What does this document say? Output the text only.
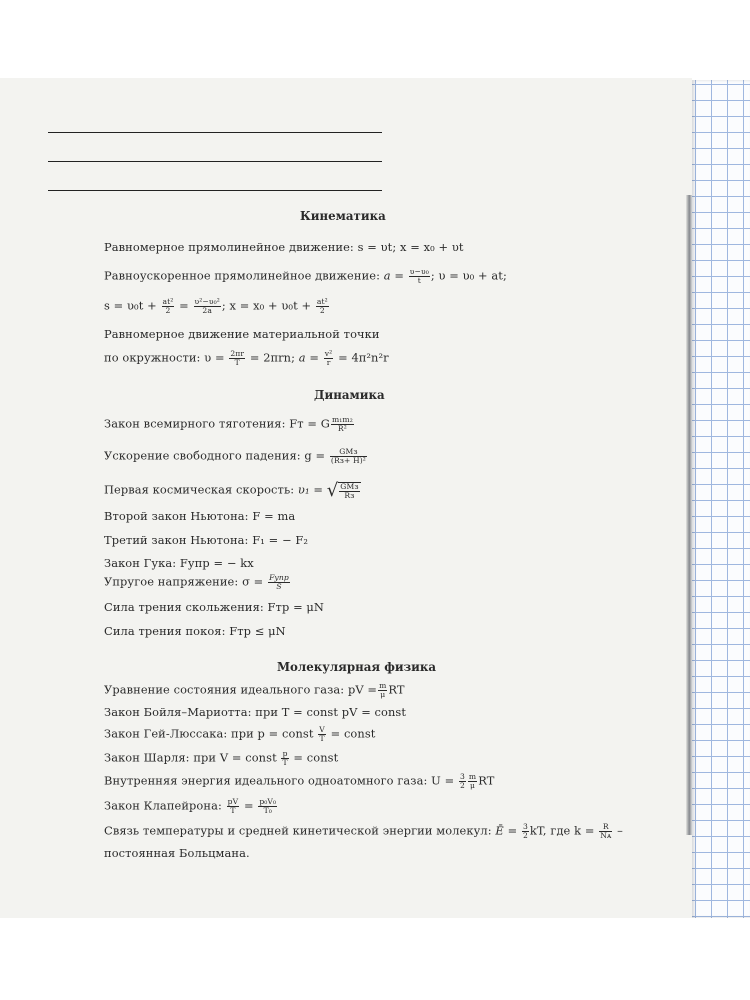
Кинематика
Равномерное прямолинейное движение: s = υt; x = x₀ + υt
Равноускоренное прямолинейное движение: $a = \frac{\text{υ−υ₀}}{t}$ ; υ = υ₀ + at;
$s = \upsilon_0t + \frac{\text{at²}}{2} = \frac{\text{υ²−υ₀²}}{2a}$ ; $x = x_0 + \upsilon_0t + \frac{\text{at²}}{2}$
Равномерное движение материальной точки
по окружности: $\upsilon = \frac{2\pi r}{T} = 2\pi rn$; $a = \frac{\text{v²}}{r} = 4\pi^2n^2r$
Динамика
Закон всемирного тяготения: Fт = G $\frac{\text{m₁m₂}}{\text{R²}}$
Ускорение свободного падения: $g = \frac{\text{GMз}}{\text{(Rз+ H)²}}$
Первая космическая скорость: υ₁ = √ $\frac{\text{GMз}}{Rз}$
Второй закон Ньютона: F = ma
Третий закон Ньютона: F₁ = − F₂
Закон Гука: Fупр = − kx
Упругое напряжение: $\sigma = \frac{\text{Fупр}}{S}$
Сила трения скольжения: Fтр = μN
Сила трения покоя: Fтр ≤ μN
Молекулярная физика
Уравнение состояния идеального газа: pV = $\frac{m}{\mu}$ RT
Закон Бойля–Мариотта: при T = const pV = const
Закон Гей-Люссака: при p = const $\frac{V}{T}$ = const
Закон Шарля: при V = const $\frac{p}{T}$ = const
Внутренняя энергия идеального одноатомного газа: $U = \frac{3}{2} \frac{m}{\mu}$ RT
Закон Клапейрона: $\frac{pV}{T} = \frac{\text{p₀V₀}}{\text{T₀}}$
Связь температуры и средней кинетической энергии молекул: Ē = $\frac{3}{2}$ kT, где $k = \frac{R}{\text{Nᴀ}}$ –
постоянная Больцмана.
